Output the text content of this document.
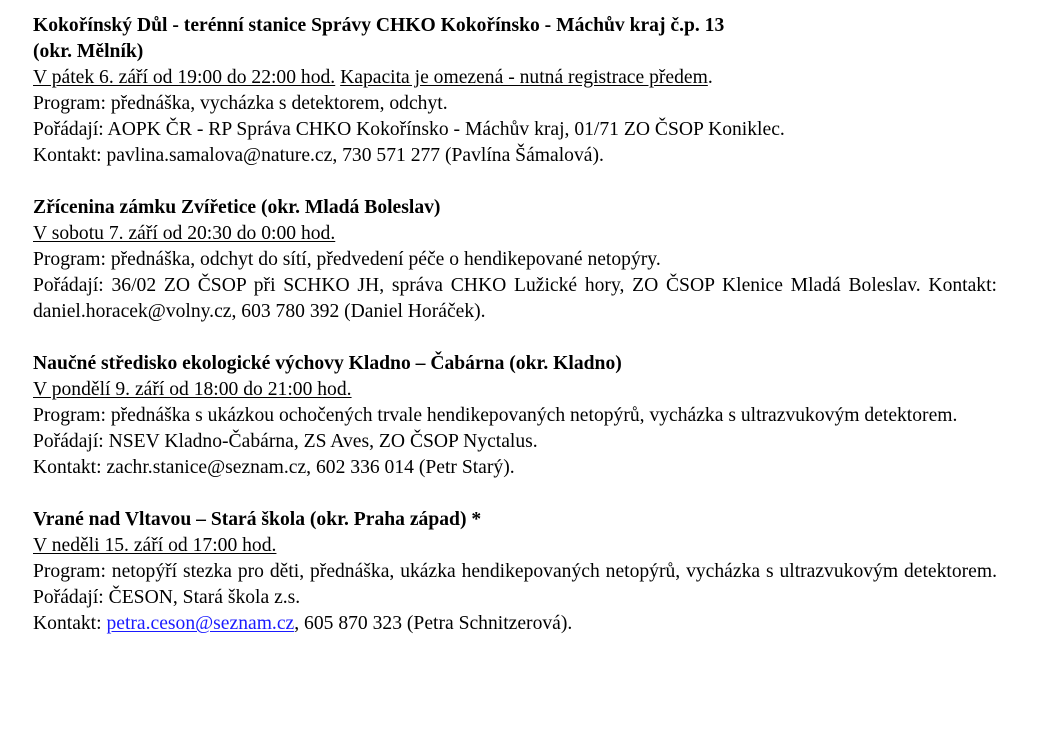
Kokořínský Důl - terénní stanice Správy CHKO Kokořínsko - Máchův kraj č.p. 13

(okr. Mělník)

V pátek 6. září od 19:00 do 22:00 hod. Kapacita je omezená - nutná registrace předem.

Program: přednáška, vycházka s detektorem, odchyt.

Pořádají: AOPK ČR - RP Správa CHKO Kokořínsko - Máchův kraj, 01/71 ZO ČSOP Koniklec.

Kontakt: pavlina.samalova@nature.cz, 730 571 277 (Pavlína Šámalová).

Zřícenina zámku Zvířetice (okr. Mladá Boleslav)

V sobotu 7. září od 20:30 do 0:00 hod.

Program: přednáška, odchyt do sítí, předvedení péče o hendikepované netopýry.

Pořádají: 36/02 ZO ČSOP při SCHKO JH, správa CHKO Lužické hory, ZO ČSOP Klenice Mladá Boleslav. Kontakt: daniel.horacek@volny.cz, 603 780 392 (Daniel Horáček).

Naučné středisko ekologické výchovy Kladno – Čabárna (okr. Kladno)

V pondělí 9. září od 18:00 do 21:00 hod.

Program: přednáška s ukázkou ochočených trvale hendikepovaných netopýrů, vycházka s ultrazvukovým detektorem.

Pořádají: NSEV Kladno-Čabárna, ZS Aves, ZO ČSOP Nyctalus.

Kontakt: zachr.stanice@seznam.cz, 602 336 014 (Petr Starý).

Vrané nad Vltavou – Stará škola (okr. Praha západ) *

V neděli 15. září od 17:00 hod.

Program: netopýří stezka pro děti, přednáška, ukázka hendikepovaných netopýrů, vycházka s ultrazvukovým detektorem. Pořádají: ČESON, Stará škola z.s.

Kontakt: petra.ceson@seznam.cz, 605 870 323 (Petra Schnitzerová).
